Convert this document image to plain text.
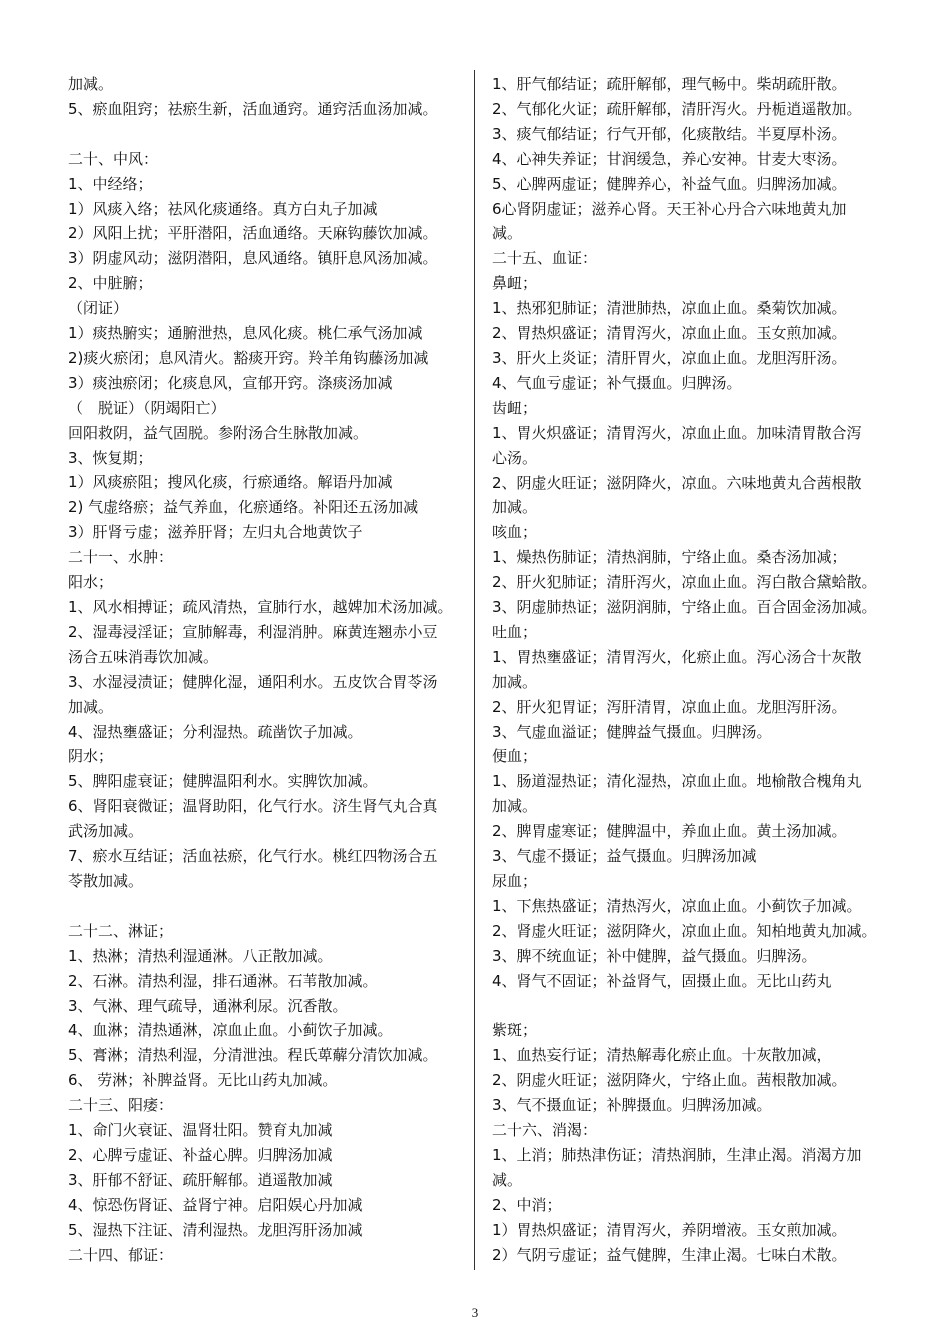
加减。
5、瘀血阻窍；祛瘀生新，活血通窍。通窍活血汤加减。
二十、中风：
1、中经络；
1）风痰入络；祛风化痰通络。真方白丸子加减
2）风阳上扰；平肝潜阳，活血通络。天麻钩藤饮加减。
3）阴虚风动；滋阴潜阳，息风通络。镇肝息风汤加减。
2、中脏腑；
（闭证）
1）痰热腑实；通腑泄热，息风化痰。桃仁承气汤加减
2)痰火瘀闭；息风清火。豁痰开窍。羚羊角钩藤汤加减
3）痰浊瘀闭；化痰息风，宣郁开窍。涤痰汤加减
（　脱证）（阴竭阳亡）
回阳救阴，益气固脱。参附汤合生脉散加减。
3、恢复期；
1）风痰瘀阻；搜风化痰，行瘀通络。解语丹加减
2) 气虚络瘀；益气养血，化瘀通络。补阳还五汤加减
3）肝肾亏虚；滋养肝肾；左归丸合地黄饮子
二十一、水肿：
阳水；
1、风水相搏证；疏风清热，宣肺行水，越婢加术汤加减。
2、湿毒浸淫证；宣肺解毒，利湿消肿。麻黄连翘赤小豆
汤合五味消毒饮加减。
3、水湿浸渍证；健脾化湿，通阳利水。五皮饮合胃苓汤
加减。
4、湿热壅盛证；分利湿热。疏凿饮子加减。
阴水；
5、脾阳虚衰证；健脾温阳利水。实脾饮加减。
6、肾阳衰微证；温肾助阳，化气行水。济生肾气丸合真
武汤加减。
7、瘀水互结证；活血祛瘀，化气行水。桃红四物汤合五
苓散加减。
二十二、淋证；
1、热淋；清热利湿通淋。八正散加减。
2、石淋。清热利湿，排石通淋。石苇散加减。
3、气淋、理气疏导，通淋利尿。沉香散。
4、血淋；清热通淋，凉血止血。小蓟饮子加减。
5、膏淋；清热利湿，分清泄浊。程氏萆薢分清饮加减。
6、 劳淋；补脾益肾。无比山药丸加减。
二十三、阳痿：
1、命门火衰证、温肾壮阳。赞育丸加减
2、心脾亏虚证、补益心脾。归脾汤加减
3、肝郁不舒证、疏肝解郁。逍遥散加减
4、惊恐伤肾证、益肾宁神。启阳娱心丹加减
5、湿热下注证、清利湿热。龙胆泻肝汤加减
二十四、郁证：
1、肝气郁结证；疏肝解郁，理气畅中。柴胡疏肝散。
2、气郁化火证；疏肝解郁，清肝泻火。丹栀逍遥散加。
3、痰气郁结证；行气开郁，化痰散结。半夏厚朴汤。
4、心神失养证；甘润缓急，养心安神。甘麦大枣汤。
5、心脾两虚证；健脾养心，补益气血。归脾汤加减。
6心肾阴虚证；滋养心肾。天王补心丹合六味地黄丸加
减。
二十五、血证：
鼻衄；
1、热邪犯肺证；清泄肺热，凉血止血。桑菊饮加减。
2、胃热炽盛证；清胃泻火，凉血止血。玉女煎加减。
3、肝火上炎证；清肝胃火，凉血止血。龙胆泻肝汤。
4、气血亏虚证；补气摄血。归脾汤。
齿衄；
1、胃火炽盛证；清胃泻火，凉血止血。加味清胃散合泻
心汤。
2、阴虚火旺证；滋阴降火，凉血。六味地黄丸合茜根散
加减。
咳血；
1、燥热伤肺证；清热润肺，宁络止血。桑杏汤加减；
2、肝火犯肺证；清肝泻火，凉血止血。泻白散合黛蛤散。
3、阴虚肺热证；滋阴润肺，宁络止血。百合固金汤加减。
吐血；
1、胃热壅盛证；清胃泻火，化瘀止血。泻心汤合十灰散
加减。
2、肝火犯胃证；泻肝清胃，凉血止血。龙胆泻肝汤。
3、气虚血溢证；健脾益气摄血。归脾汤。
便血；
1、肠道湿热证；清化湿热，凉血止血。地榆散合槐角丸
加减。
2、脾胃虚寒证；健脾温中，养血止血。黄土汤加减。
3、气虚不摄证；益气摄血。归脾汤加减
尿血；
1、下焦热盛证；清热泻火，凉血止血。小蓟饮子加减。
2、肾虚火旺证；滋阴降火，凉血止血。知柏地黄丸加减。
3、脾不统血证；补中健脾，益气摄血。归脾汤。
4、肾气不固证；补益肾气，固摄止血。无比山药丸
紫斑；
1、血热妄行证；清热解毒化瘀止血。十灰散加减，
2、阴虚火旺证；滋阴降火，宁络止血。茜根散加减。
3、气不摄血证；补脾摄血。归脾汤加减。
二十六、消渴：
1、上消；肺热津伤证；清热润肺，生津止渴。消渴方加
减。
2、中消；
1）胃热炽盛证；清胃泻火，养阴增液。玉女煎加减。
2）气阴亏虚证；益气健脾，生津止渴。七味白术散。
3
